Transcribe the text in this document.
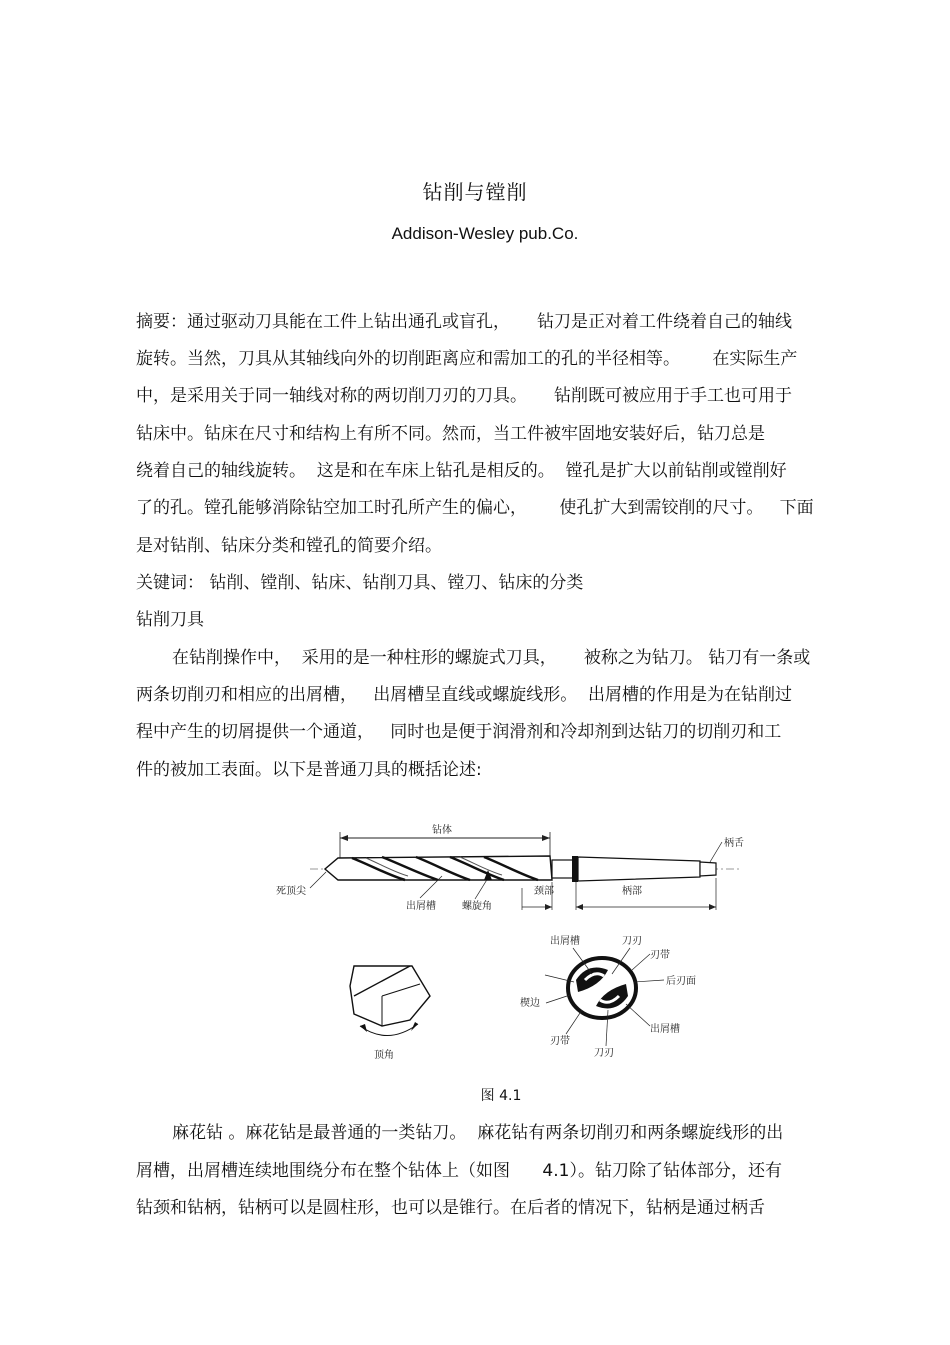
钻削与镗削
Addison-Wesley pub.Co.
摘要：通过驱动刀具能在工件上钻出通孔或盲孔，     钻刀是正对着工件绕着自己的轴线
旋转。当然，刀具从其轴线向外的切削距离应和需加工的孔的半径相等。      在实际生产
中，是采用关于同一轴线对称的两切削刀刃的刀具。     钻削既可被应用于手工也可用于
钻床中。钻床在尺寸和结构上有所不同。然而，当工件被牢固地安装好后，钻刀总是
绕着自己的轴线旋转。  这是和在车床上钻孔是相反的。  镗孔是扩大以前钻削或镗削好
了的孔。镗孔能够消除钻空加工时孔所产生的偏心，      使孔扩大到需铰削的尺寸。   下面
是对钻削、钻床分类和镗孔的简要介绍。
关键词： 钻削、镗削、钻床、钻削刀具、镗刀、钻床的分类
钻削刀具
在钻削操作中，  采用的是一种柱形的螺旋式刀具，     被称之为钻刀。 钻刀有一条或
两条切削刃和相应的出屑槽，   出屑槽呈直线或螺旋线形。  出屑槽的作用是为在钻削过
程中产生的切屑提供一个通道，   同时也是便于润滑剂和冷却剂到达钻刀的切削刃和工
件的被加工表面。以下是普通刀具的概括论述:
钻体
柄舌
死顶尖
出屑槽	螺旋角
颈部	柄部
顶角
出屑槽	刀刃
刃带
后刃面
楔边
出屑槽
刃带
刀刃
图 4.1
麻花钻 。麻花钻是最普通的一类钻刀。  麻花钻有两条切削刃和两条螺旋线形的出
屑槽，出屑槽连续地围绕分布在整个钻体上（如图      4.1）。钻刀除了钻体部分，还有
钻颈和钻柄，钻柄可以是圆柱形，也可以是锥行。在后者的情况下，钻柄是通过柄舌
